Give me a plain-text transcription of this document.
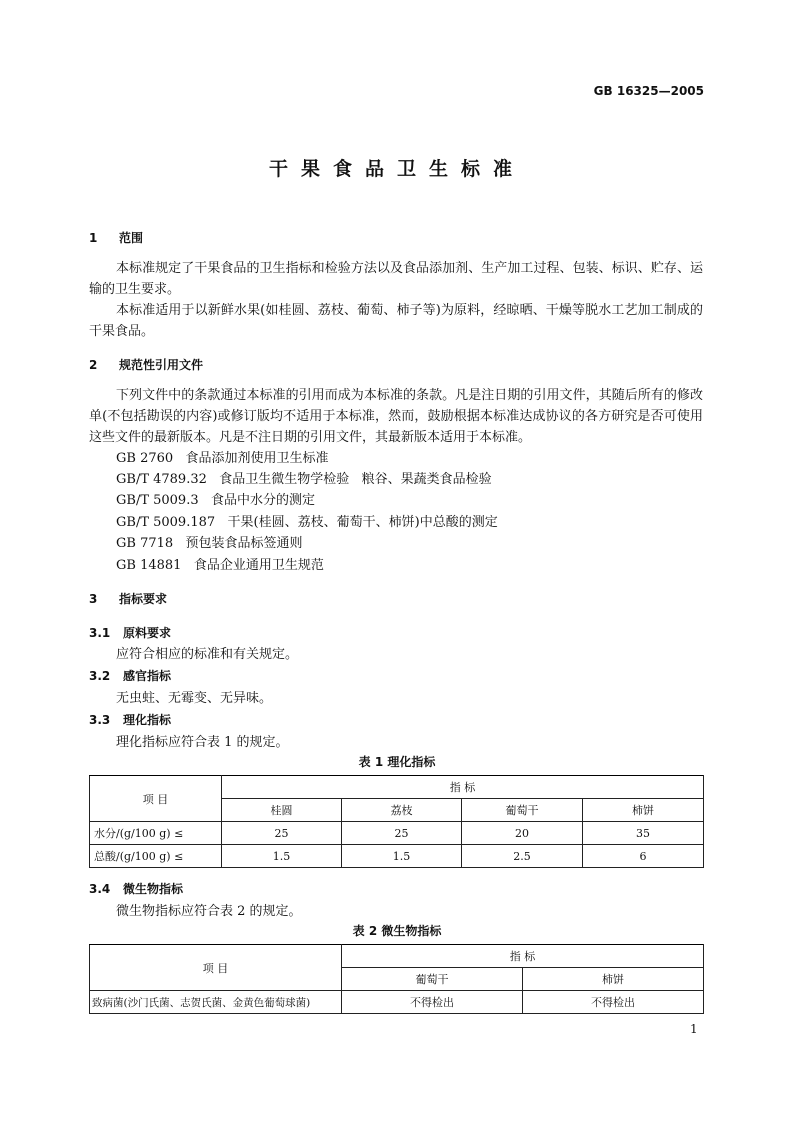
GB 16325—2005
干果食品卫生标准
1 范围
本标准规定了干果食品的卫生指标和检验方法以及食品添加剂、生产加工过程、包装、标识、贮存、运输的卫生要求。
本标准适用于以新鲜水果(如桂圆、荔枝、葡萄、柿子等)为原料，经晾晒、干燥等脱水工艺加工制成的干果食品。
2 规范性引用文件
下列文件中的条款通过本标准的引用而成为本标准的条款。凡是注日期的引用文件，其随后所有的修改单(不包括勘误的内容)或修订版均不适用于本标准，然而，鼓励根据本标准达成协议的各方研究是否可使用这些文件的最新版本。凡是不注日期的引用文件，其最新版本适用于本标准。
GB 2760   食品添加剂使用卫生标准
GB/T 4789.32   食品卫生微生物学检验   粮谷、果蔬类食品检验
GB/T 5009.3   食品中水分的测定
GB/T 5009.187   干果(桂圆、荔枝、葡萄干、柿饼)中总酸的测定
GB 7718   预包装食品标签通则
GB 14881   食品企业通用卫生规范
3 指标要求
3.1 原料要求
应符合相应的标准和有关规定。
3.2 感官指标
无虫蛀、无霉变、无异味。
3.3 理化指标
理化指标应符合表 1 的规定。
表 1 理化指标
项 目	指 标			
	桂圆	荔枝	葡萄干	柿饼
水分/(g/100 g) ≤	25	25	20	35
总酸/(g/100 g) ≤	1.5	1.5	2.5	6
3.4 微生物指标
微生物指标应符合表 2 的规定。
表 2 微生物指标
项 目	指 标	
	葡萄干	柿饼
致病菌(沙门氏菌、志贺氏菌、金黄色葡萄球菌)	不得检出	不得检出
1
